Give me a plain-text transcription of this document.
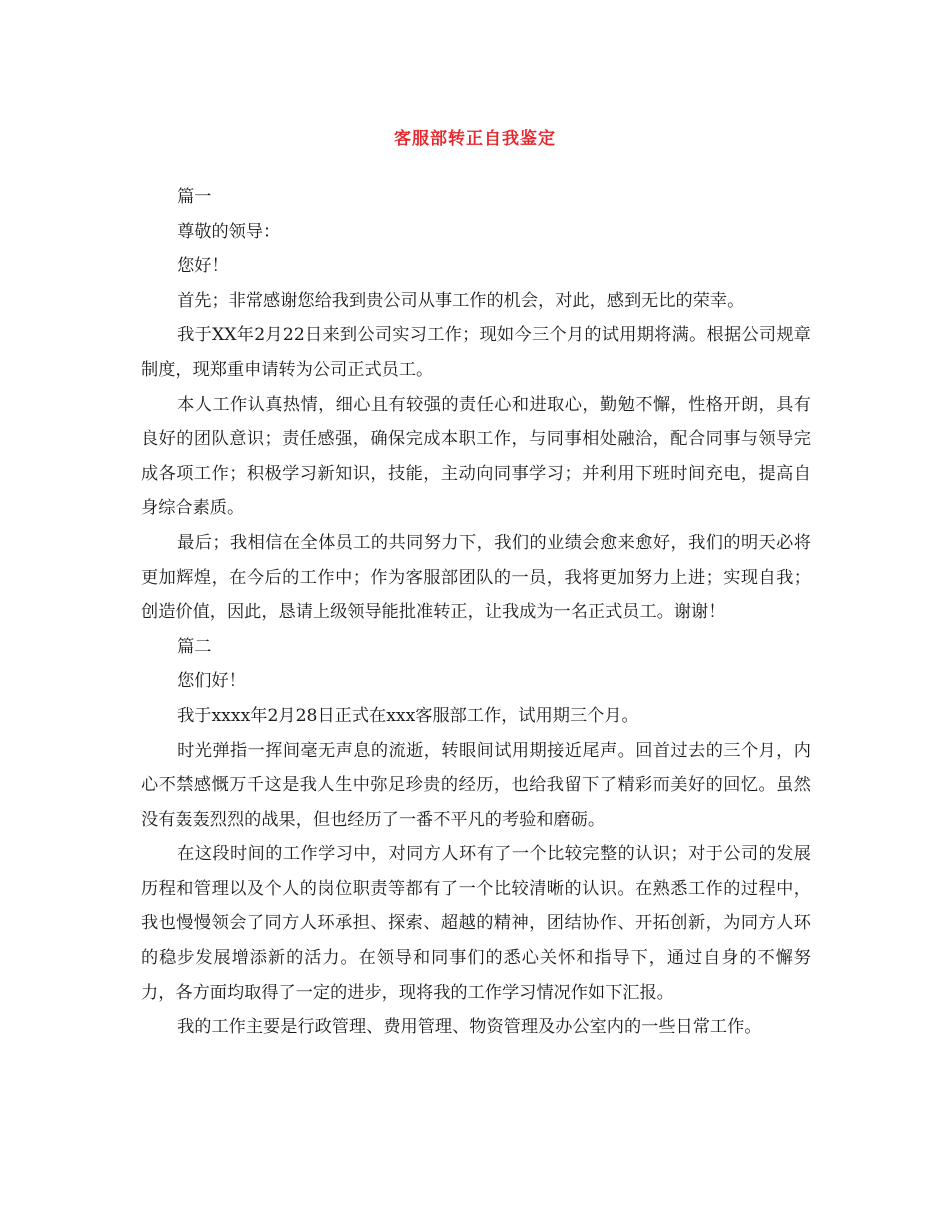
客服部转正自我鉴定

篇一

尊敬的领导：

您好！

首先；非常感谢您给我到贵公司从事工作的机会，对此，感到无比的荣幸。

我于XX年2月22日来到公司实习工作；现如今三个月的试用期将满。根据公司规章制度，现郑重申请转为公司正式员工。

本人工作认真热情，细心且有较强的责任心和进取心，勤勉不懈，性格开朗，具有良好的团队意识；责任感强，确保完成本职工作，与同事相处融洽，配合同事与领导完成各项工作；积极学习新知识，技能，主动向同事学习；并利用下班时间充电，提高自身综合素质。

最后；我相信在全体员工的共同努力下，我们的业绩会愈来愈好，我们的明天必将更加辉煌，在今后的工作中；作为客服部团队的一员，我将更加努力上进；实现自我；创造价值，因此，恳请上级领导能批准转正，让我成为一名正式员工。谢谢！

篇二

您们好！

我于xxxx年2月28日正式在xxx客服部工作，试用期三个月。

时光弹指一挥间毫无声息的流逝，转眼间试用期接近尾声。回首过去的三个月，内心不禁感慨万千这是我人生中弥足珍贵的经历，也给我留下了精彩而美好的回忆。虽然没有轰轰烈烈的战果，但也经历了一番不平凡的考验和磨砺。

在这段时间的工作学习中，对同方人环有了一个比较完整的认识；对于公司的发展历程和管理以及个人的岗位职责等都有了一个比较清晰的认识。在熟悉工作的过程中，我也慢慢领会了同方人环承担、探索、超越的精神，团结协作、开拓创新，为同方人环的稳步发展增添新的活力。在领导和同事们的悉心关怀和指导下，通过自身的不懈努力，各方面均取得了一定的进步，现将我的工作学习情况作如下汇报。

我的工作主要是行政管理、费用管理、物资管理及办公室内的一些日常工作。
